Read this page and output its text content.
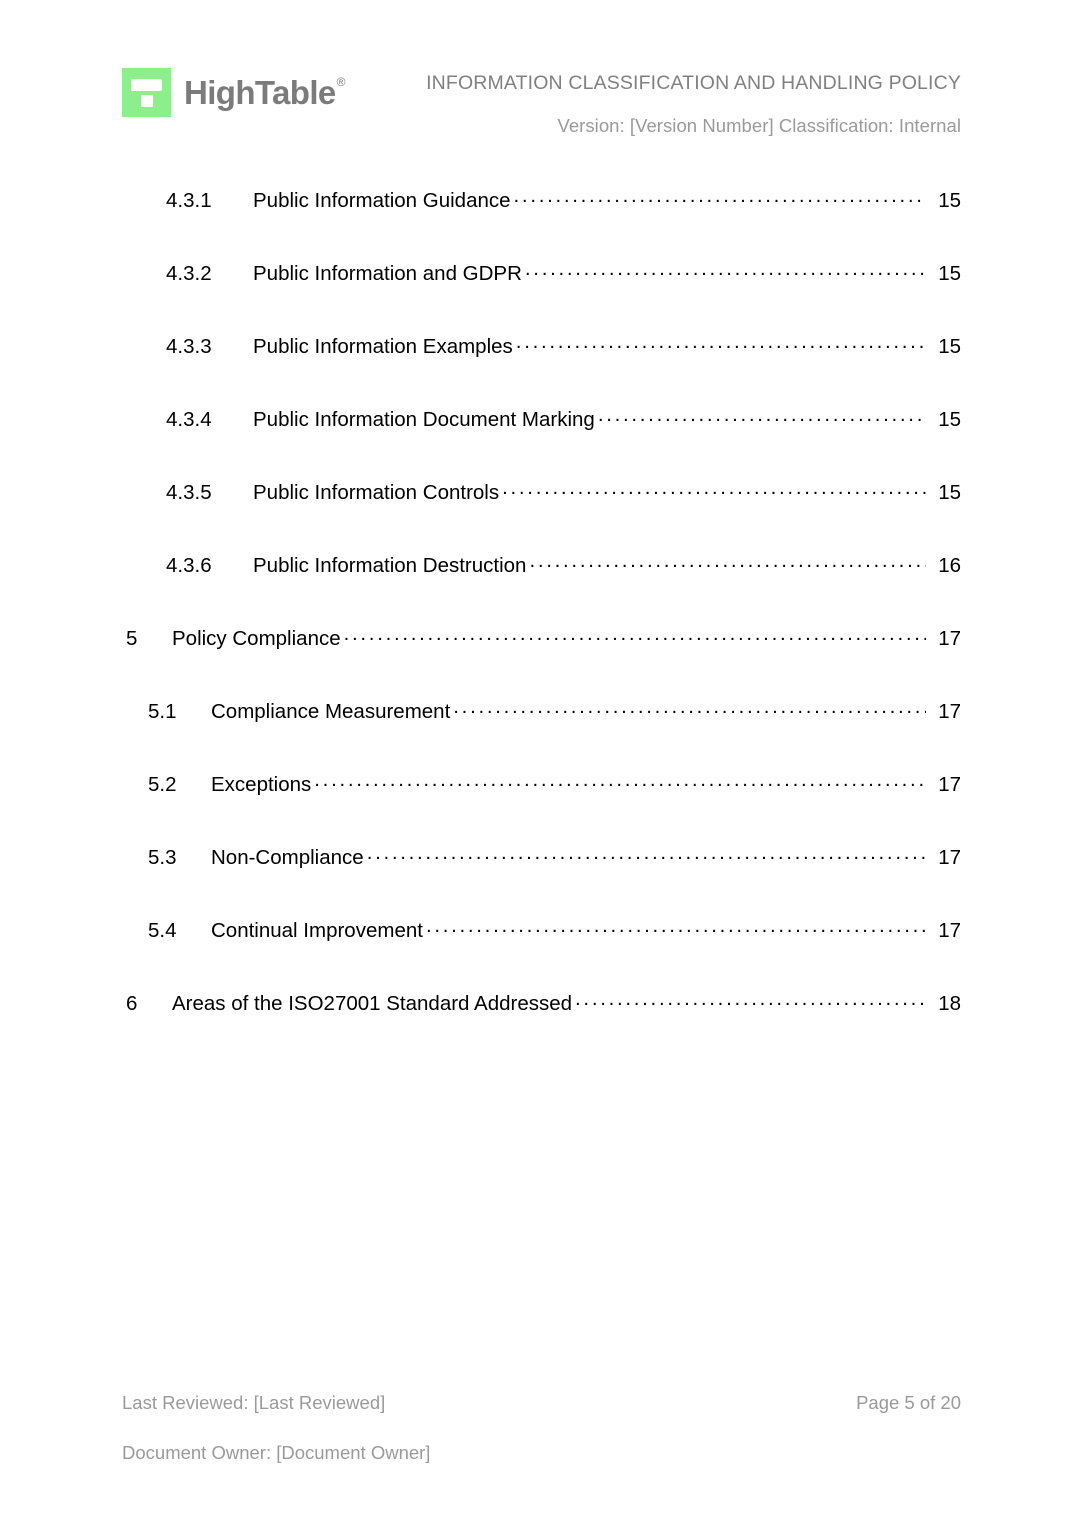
HighTable®	INFORMATION CLASSIFICATION AND HANDLING POLICY
Version: [Version Number] Classification: Internal
4.3.1	Public Information Guidance . . .	15
4.3.2	Public Information and GDPR . . .	15
4.3.3	Public Information Examples . . .	15
4.3.4	Public Information Document Marking . . .	15
4.3.5	Public Information Controls . . .	15
4.3.6	Public Information Destruction . . .	16
5	Policy Compliance . . .	17
5.1	Compliance Measurement . . .	17
5.2	Exceptions . . .	17
5.3	Non-Compliance . . .	17
5.4	Continual Improvement . . .	17
6	Areas of the ISO27001 Standard Addressed . . .	18
Last Reviewed: [Last Reviewed]	Page 5 of 20
Document Owner: [Document Owner]
